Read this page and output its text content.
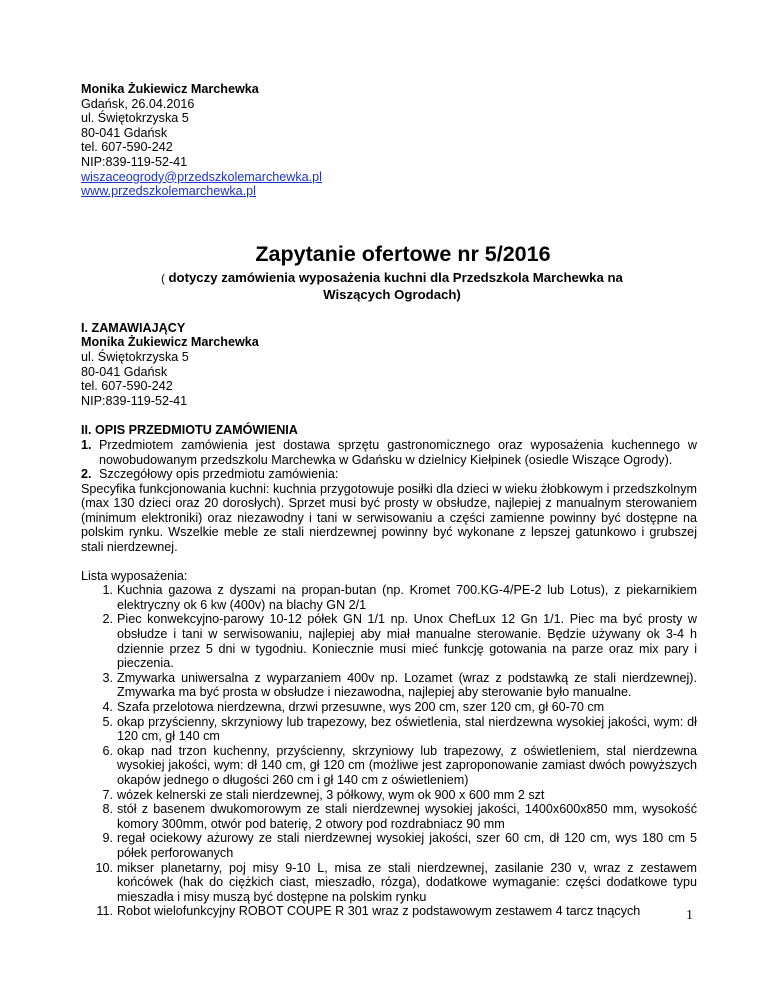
Monika Żukiewicz Marchewka
Gdańsk, 26.04.2016
ul. Świętokrzyska 5
80-041 Gdańsk
tel. 607-590-242
NIP:839-119-52-41
wiszaceogrody@przedszkolemarchewka.pl
www.przedszkolemarchewka.pl
Zapytanie ofertowe nr 5/2016
( dotyczy zamówienia wyposażenia kuchni dla Przedszkola Marchewka na
Wiszących Ogrodach)
I. ZAMAWIAJĄCY
Monika Żukiewicz Marchewka
ul. Świętokrzyska 5
80-041 Gdańsk
tel. 607-590-242
NIP:839-119-52-41
II. OPIS PRZEDMIOTU ZAMÓWIENIA
1. Przedmiotem zamówienia jest dostawa sprzętu gastronomicznego oraz wyposażenia kuchennego w nowobudowanym przedszkolu Marchewka w Gdańsku w dzielnicy Kiełpinek (osiedle Wiszące Ogrody).
2. Szczegółowy opis przedmiotu zamówienia:
Specyfika funkcjonowania kuchni: kuchnia przygotowuje posiłki dla dzieci w wieku żłobkowym i przedszkolnym (max 130 dzieci oraz 20 dorosłych). Sprzet musi być prosty w obsłudze, najlepiej z manualnym sterowaniem (minimum elektroniki) oraz niezawodny i tani w serwisowaniu a części zamienne powinny być dostępne na polskim rynku. Wszelkie meble ze stali nierdzewnej powinny być wykonane z lepszej gatunkowo i grubszej stali nierdzewnej.
Lista wyposażenia:
1. Kuchnia gazowa z dyszami na propan-butan (np. Kromet 700.KG-4/PE-2 lub Lotus), z piekarnikiem elektryczny ok 6 kw (400v) na blachy GN 2/1
2. Piec konwekcyjno-parowy 10-12 półek GN 1/1 np. Unox ChefLux 12 Gn 1/1. Piec ma być prosty w obsłudze i tani w serwisowaniu, najlepiej aby miał manualne sterowanie. Będzie używany ok 3-4 h dziennie przez 5 dni w tygodniu. Koniecznie musi mieć funkcję gotowania na parze oraz mix pary i pieczenia.
3. Zmywarka uniwersalna z wyparzaniem 400v np. Lozamet (wraz z podstawką ze stali nierdzewnej). Zmywarka ma być prosta w obsłudze i niezawodna, najlepiej aby sterowanie było manualne.
4. Szafa przelotowa nierdzewna, drzwi przesuwne, wys 200 cm, szer 120 cm, gł 60-70 cm
5. okap przyścienny, skrzyniowy lub trapezowy, bez oświetlenia, stal nierdzewna wysokiej jakości, wym: dł 120 cm, gł 140 cm
6. okap nad trzon kuchenny, przyścienny, skrzyniowy lub trapezowy, z oświetleniem, stal nierdzewna wysokiej jakości, wym: dł 140 cm, gł 120 cm (możliwe jest zaproponowanie zamiast dwóch powyższych okapów jednego o długości 260 cm i gł 140 cm z oświetleniem)
7. wózek kelnerski ze stali nierdzewnej, 3 półkowy, wym ok 900 x 600 mm 2 szt
8. stół z basenem dwukomorowym ze stali nierdzewnej wysokiej jakości, 1400x600x850 mm, wysokość komory 300mm, otwór pod baterię, 2 otwory pod rozdrabniacz 90 mm
9. regał ociekowy ażurowy ze stali nierdzewnej wysokiej jakości, szer 60 cm, dł 120 cm, wys 180 cm 5 półek perforowanych
10. mikser planetarny, poj misy 9-10 L, misa ze stali nierdzewnej, zasilanie 230 v, wraz z zestawem końcówek (hak do ciężkich ciast, mieszadło, rózga), dodatkowe wymaganie: części dodatkowe typu mieszadła i misy muszą być dostępne na polskim rynku
11. Robot wielofunkcyjny ROBOT COUPE R 301 wraz z podstawowym zestawem 4 tarcz tnących	1
